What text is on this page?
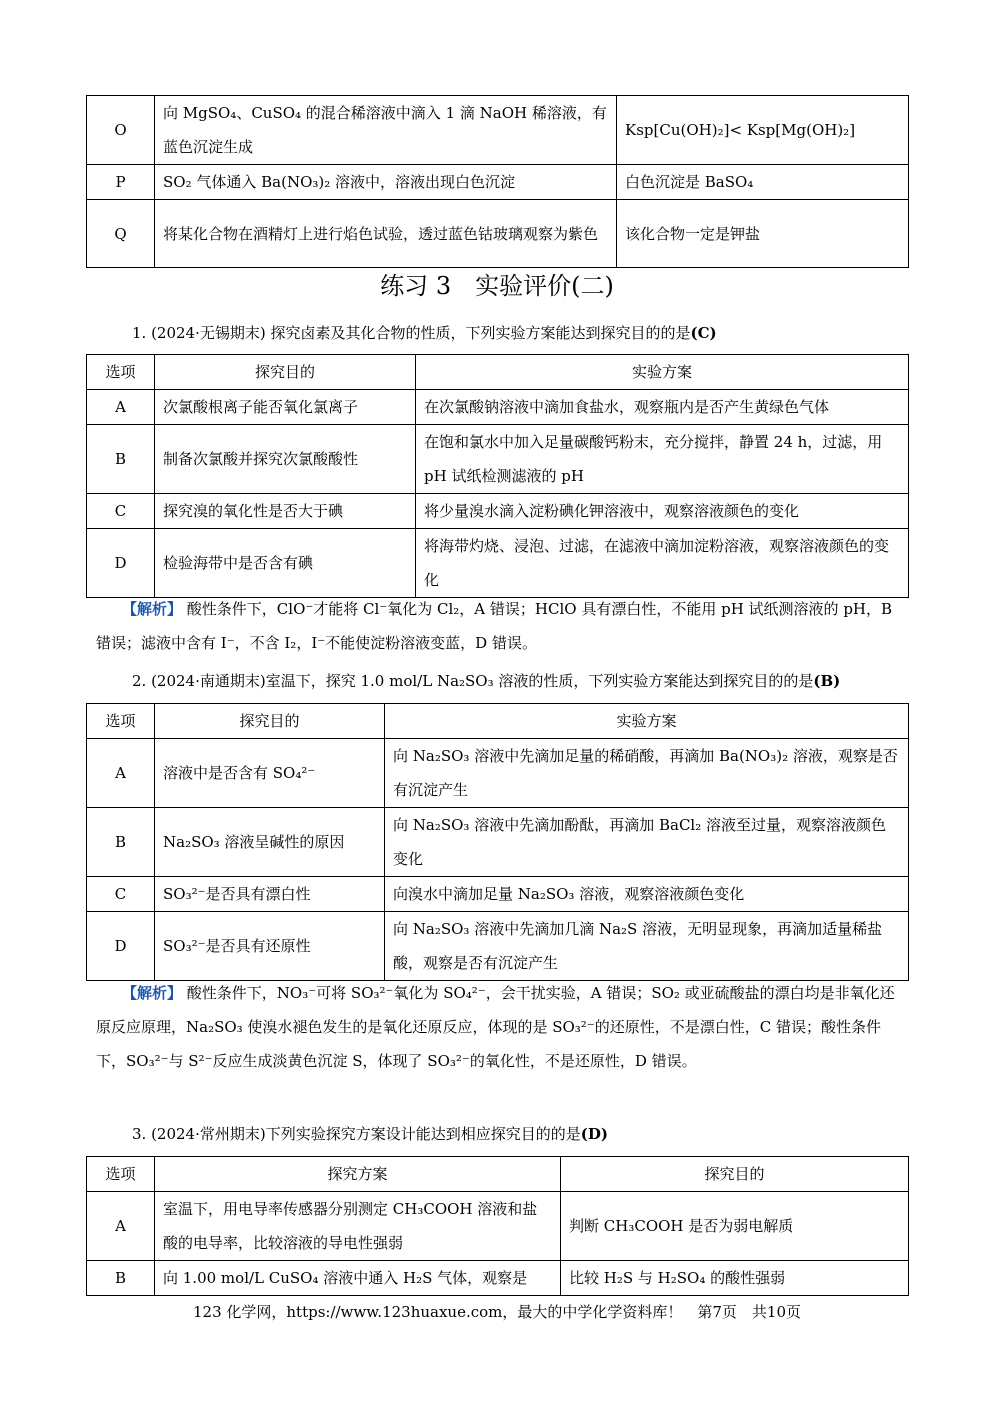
O	向 MgSO₄、CuSO₄ 的混合稀溶液中滴入 1 滴 NaOH 稀溶液，有蓝色沉淀生成	Ksp[Cu(OH)₂]< Ksp[Mg(OH)₂]
P	SO₂ 气体通入 Ba(NO₃)₂ 溶液中，溶液出现白色沉淀	白色沉淀是 BaSO₄
Q	将某化合物在酒精灯上进行焰色试验，透过蓝色钴玻璃观察为紫色	该化合物一定是钾盐
练习 3　实验评价(二)
1. (2024·无锡期末) 探究卤素及其化合物的性质，下列实验方案能达到探究目的的是(C)
选项	探究目的	实验方案
A	次氯酸根离子能否氧化氯离子	在次氯酸钠溶液中滴加食盐水，观察瓶内是否产生黄绿色气体
B	制备次氯酸并探究次氯酸酸性	在饱和氯水中加入足量碳酸钙粉末，充分搅拌，静置 24 h，过滤，用 pH 试纸检测滤液的 pH
C	探究溴的氧化性是否大于碘	将少量溴水滴入淀粉碘化钾溶液中，观察溶液颜色的变化
D	检验海带中是否含有碘	将海带灼烧、浸泡、过滤，在滤液中滴加淀粉溶液，观察溶液颜色的变化
【解析】 酸性条件下，ClO⁻才能将 Cl⁻氧化为 Cl₂，A 错误；HClO 具有漂白性，不能用 pH 试纸测溶液的 pH，B 错误；滤液中含有 I⁻，不含 I₂，I⁻不能使淀粉溶液变蓝，D 错误。
2. (2024·南通期末)室温下，探究 1.0 mol/L Na₂SO₃ 溶液的性质，下列实验方案能达到探究目的的是(B)
选项	探究目的	实验方案
A	溶液中是否含有 SO₄²⁻	向 Na₂SO₃ 溶液中先滴加足量的稀硝酸，再滴加 Ba(NO₃)₂ 溶液，观察是否有沉淀产生
B	Na₂SO₃ 溶液呈碱性的原因	向 Na₂SO₃ 溶液中先滴加酚酞，再滴加 BaCl₂ 溶液至过量，观察溶液颜色变化
C	SO₃²⁻是否具有漂白性	向溴水中滴加足量 Na₂SO₃ 溶液，观察溶液颜色变化
D	SO₃²⁻是否具有还原性	向 Na₂SO₃ 溶液中先滴加几滴 Na₂S 溶液，无明显现象，再滴加适量稀盐酸，观察是否有沉淀产生
【解析】 酸性条件下，NO₃⁻可将 SO₃²⁻氧化为 SO₄²⁻，会干扰实验，A 错误；SO₂ 或亚硫酸盐的漂白均是非氧化还原反应原理，Na₂SO₃ 使溴水褪色发生的是氧化还原反应，体现的是 SO₃²⁻的还原性，不是漂白性，C 错误；酸性条件下，SO₃²⁻与 S²⁻反应生成淡黄色沉淀 S，体现了 SO₃²⁻的氧化性，不是还原性，D 错误。
3. (2024·常州期末)下列实验探究方案设计能达到相应探究目的的是(D)
选项	探究方案	探究目的
A	室温下，用电导率传感器分别测定 CH₃COOH 溶液和盐酸的电导率，比较溶液的导电性强弱	判断 CH₃COOH 是否为弱电解质
B	向 1.00 mol/L CuSO₄ 溶液中通入 H₂S 气体，观察是	比较 H₂S 与 H₂SO₄ 的酸性强弱
123 化学网，https://www.123huaxue.com，最大的中学化学资料库！　第7页　共10页
